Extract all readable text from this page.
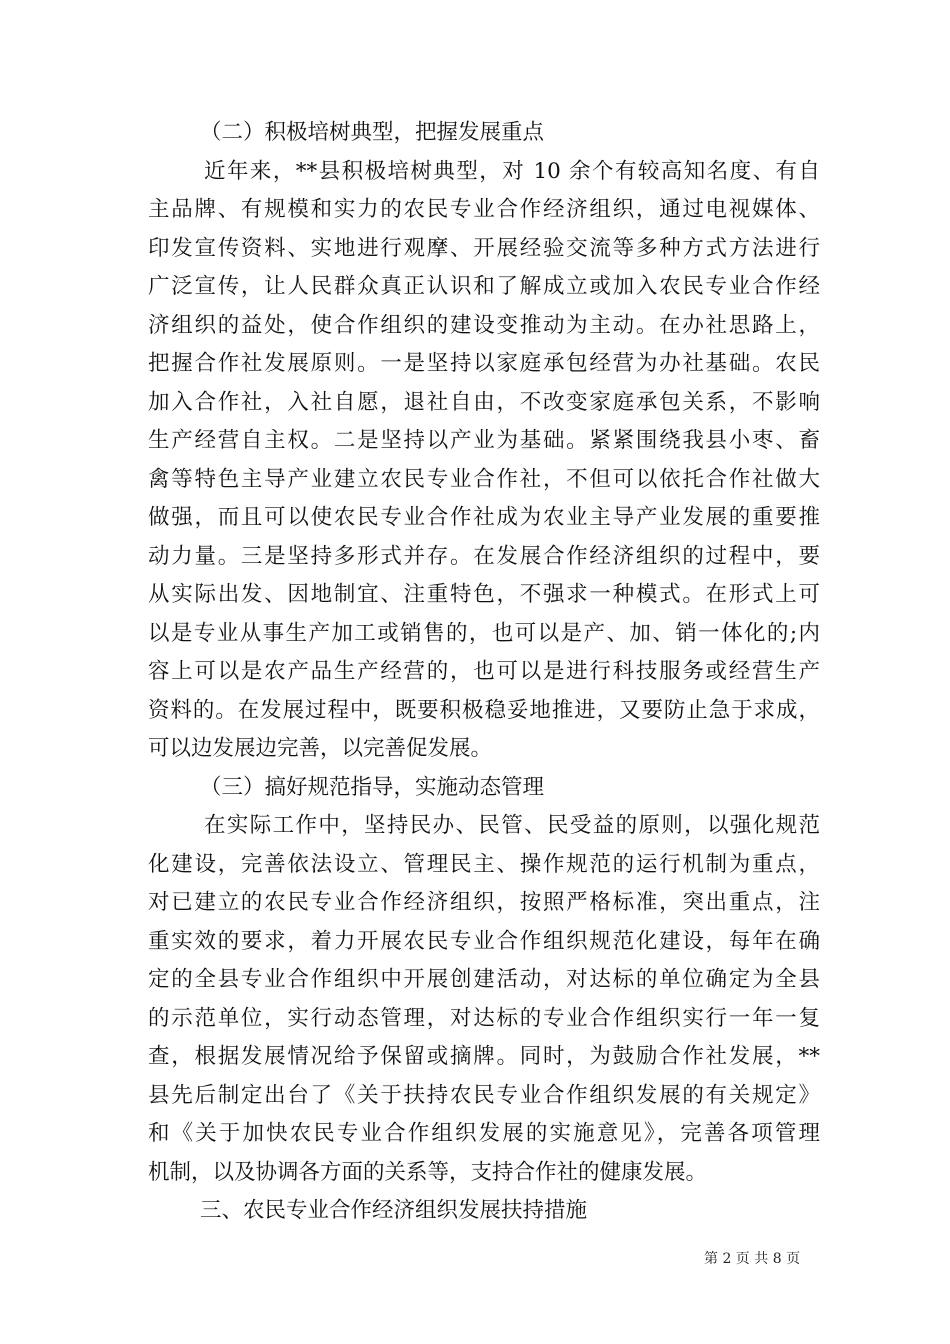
（二）积极培树典型，把握发展重点
近年来，**县积极培树典型，对 10 余个有较高知名度、有自
主品牌、有规模和实力的农民专业合作经济组织，通过电视媒体、
印发宣传资料、实地进行观摩、开展经验交流等多种方式方法进行
广泛宣传，让人民群众真正认识和了解成立或加入农民专业合作经
济组织的益处，使合作组织的建设变推动为主动。在办社思路上，
把握合作社发展原则。一是坚持以家庭承包经营为办社基础。农民
加入合作社，入社自愿，退社自由，不改变家庭承包关系，不影响
生产经营自主权。二是坚持以产业为基础。紧紧围绕我县小枣、畜
禽等特色主导产业建立农民专业合作社，不但可以依托合作社做大
做强，而且可以使农民专业合作社成为农业主导产业发展的重要推
动力量。三是坚持多形式并存。在发展合作经济组织的过程中，要
从实际出发、因地制宜、注重特色，不强求一种模式。在形式上可
以是专业从事生产加工或销售的，也可以是产、加、销一体化的;内
容上可以是农产品生产经营的，也可以是进行科技服务或经营生产
资料的。在发展过程中，既要积极稳妥地推进，又要防止急于求成，
可以边发展边完善，以完善促发展。
（三）搞好规范指导，实施动态管理
在实际工作中，坚持民办、民管、民受益的原则，以强化规范
化建设，完善依法设立、管理民主、操作规范的运行机制为重点，
对已建立的农民专业合作经济组织，按照严格标准，突出重点，注
重实效的要求，着力开展农民专业合作组织规范化建设，每年在确
定的全县专业合作组织中开展创建活动，对达标的单位确定为全县
的示范单位，实行动态管理，对达标的专业合作组织实行一年一复
查，根据发展情况给予保留或摘牌。同时，为鼓励合作社发展，**
县先后制定出台了《关于扶持农民专业合作组织发展的有关规定》
和《关于加快农民专业合作组织发展的实施意见》，完善各项管理
机制，以及协调各方面的关系等，支持合作社的健康发展。
三、农民专业合作经济组织发展扶持措施
第 2 页 共 8 页
